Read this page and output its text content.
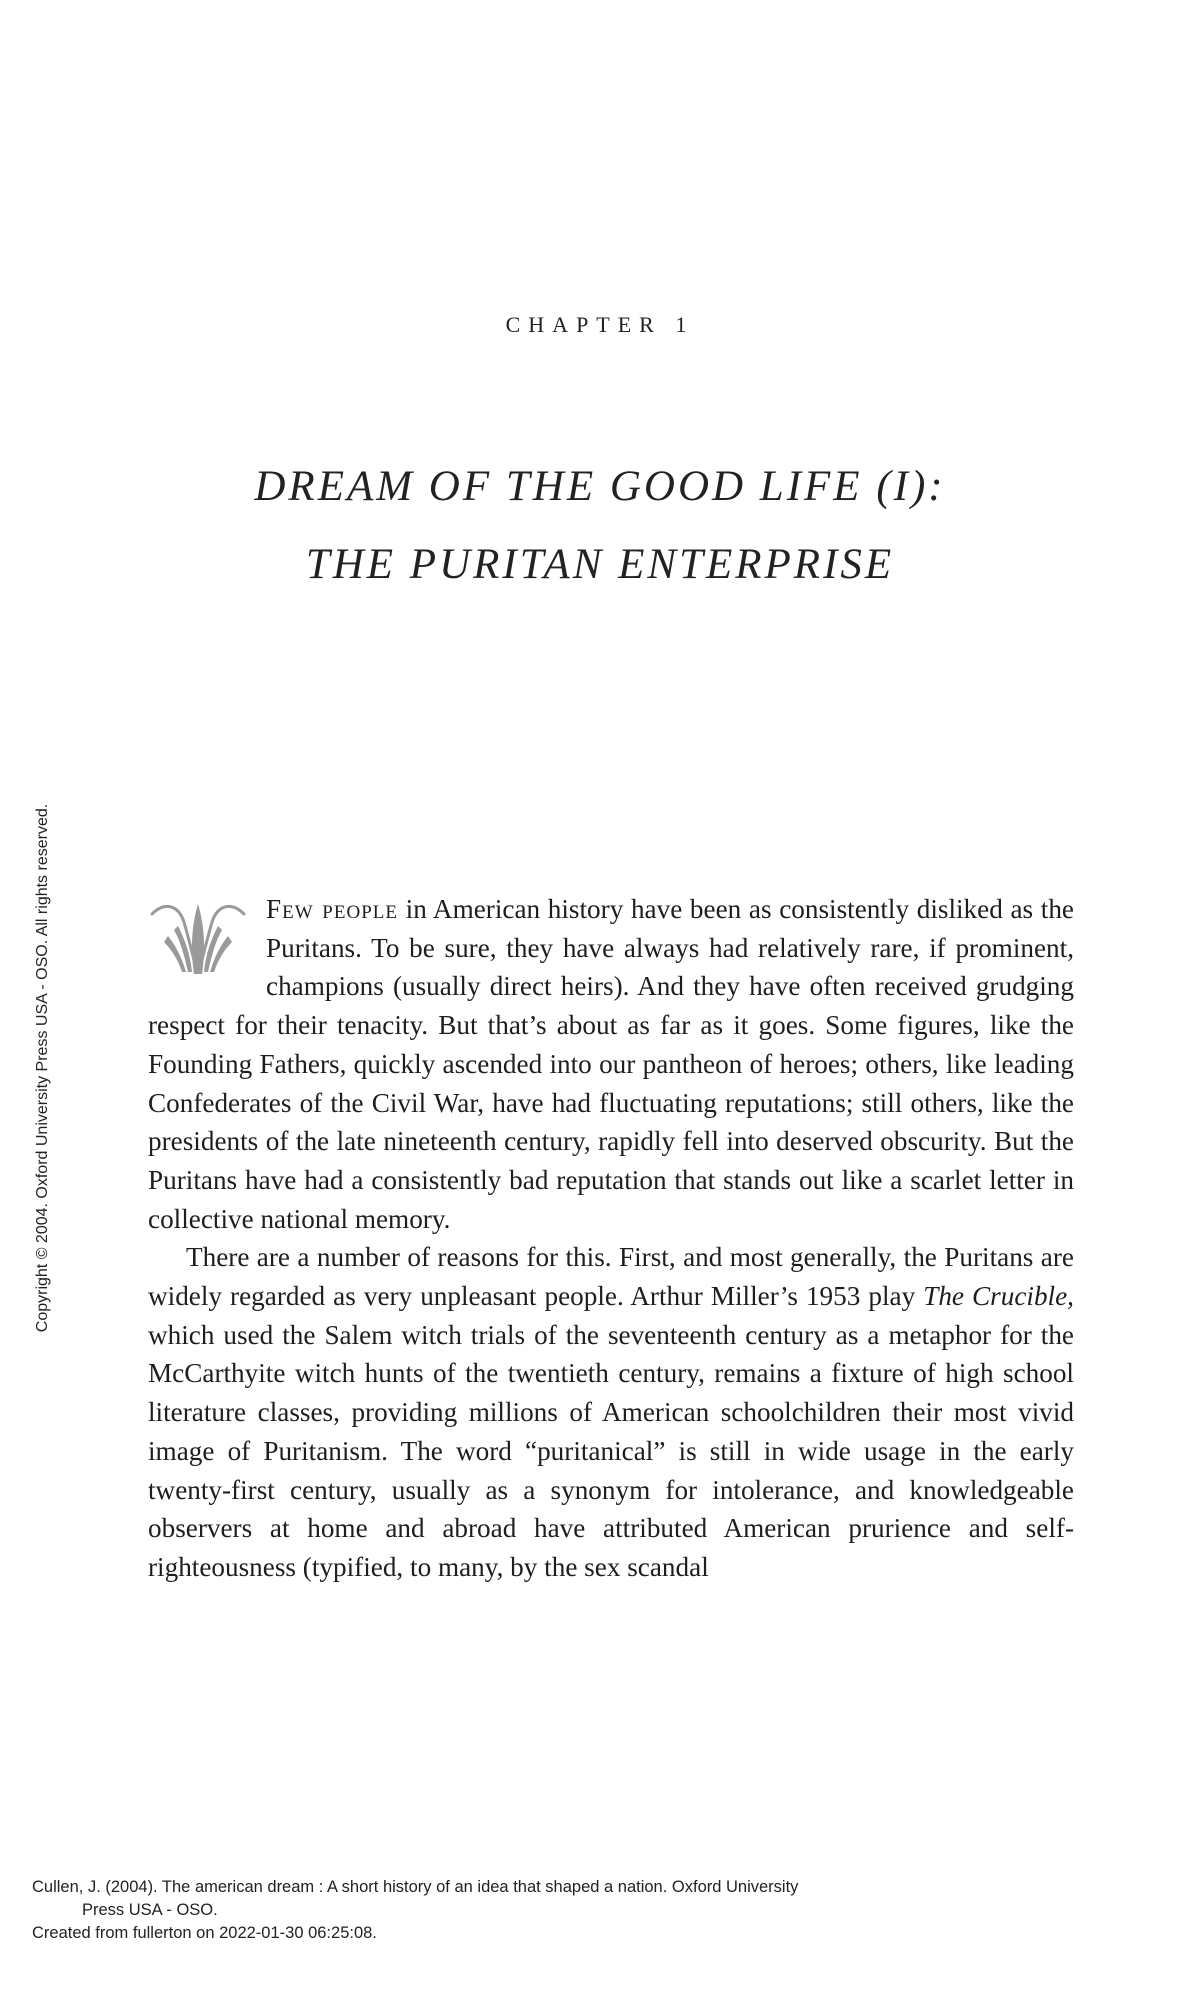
CHAPTER 1
DREAM OF THE GOOD LIFE (I):
THE PURITAN ENTERPRISE

Few people in American history have been as consistently disliked as the Puritans. To be sure, they have always had relatively rare, if prominent, champions (usually direct heirs). And they have often received grudging respect for their tenacity. But that’s about as far as it goes. Some figures, like the Founding Fathers, quickly ascended into our pantheon of heroes; others, like leading Confederates of the Civil War, have had fluctuating reputations; still others, like the presidents of the late nineteenth century, rapidly fell into deserved obscurity. But the Puritans have had a consistently bad reputation that stands out like a scarlet letter in collective national memory.

There are a number of reasons for this. First, and most generally, the Puritans are widely regarded as very unpleasant people. Arthur Miller’s 1953 play The Crucible, which used the Salem witch trials of the seventeenth century as a metaphor for the McCarthyite witch hunts of the twentieth century, remains a fixture of high school literature classes, providing millions of American schoolchildren their most vivid image of Puritanism. The word “puritanical” is still in wide usage in the early twenty-first century, usually as a synonym for intolerance, and knowledgeable observers at home and abroad have attributed American prurience and self-righteousness (typified, to many, by the sex scandal

Copyright © 2004. Oxford University Press USA - OSO. All rights reserved.
Cullen, J. (2004). The american dream : A short history of an idea that shaped a nation. Oxford University
Press USA - OSO.
Created from fullerton on 2022-01-30 06:25:08.
